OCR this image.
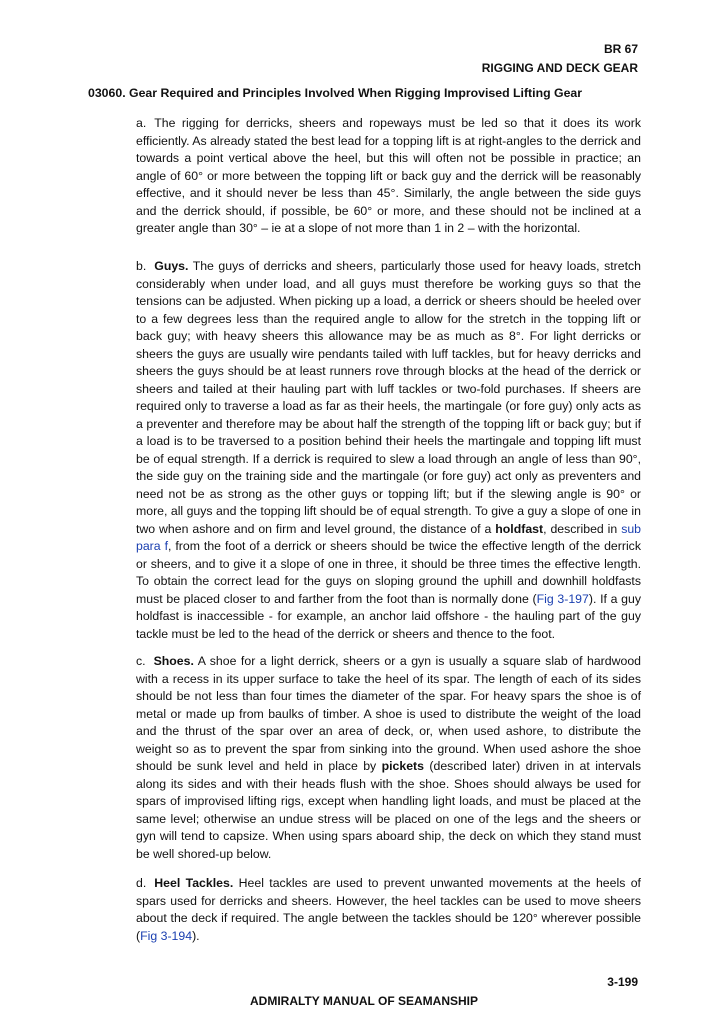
BR 67
RIGGING AND DECK GEAR
03060. Gear Required and Principles Involved When Rigging Improvised Lifting Gear

a. The rigging for derricks, sheers and ropeways must be led so that it does its work efficiently. As already stated the best lead for a topping lift is at right-angles to the derrick and towards a point vertical above the heel, but this will often not be possible in practice; an angle of 60° or more between the topping lift or back guy and the derrick will be reasonably effective, and it should never be less than 45°. Similarly, the angle between the side guys and the derrick should, if possible, be 60° or more, and these should not be inclined at a greater angle than 30° – ie at a slope of not more than 1 in 2 – with the horizontal.

b. Guys. The guys of derricks and sheers, particularly those used for heavy loads, stretch considerably when under load, and all guys must therefore be working guys so that the tensions can be adjusted. When picking up a load, a derrick or sheers should be heeled over to a few degrees less than the required angle to allow for the stretch in the topping lift or back guy; with heavy sheers this allowance may be as much as 8°. For light derricks or sheers the guys are usually wire pendants tailed with luff tackles, but for heavy derricks and sheers the guys should be at least runners rove through blocks at the head of the derrick or sheers and tailed at their hauling part with luff tackles or two-fold purchases. If sheers are required only to traverse a load as far as their heels, the martingale (or fore guy) only acts as a preventer and therefore may be about half the strength of the topping lift or back guy; but if a load is to be traversed to a position behind their heels the martingale and topping lift must be of equal strength. If a derrick is required to slew a load through an angle of less than 90°, the side guy on the training side and the martingale (or fore guy) act only as preventers and need not be as strong as the other guys or topping lift; but if the slewing angle is 90° or more, all guys and the topping lift should be of equal strength. To give a guy a slope of one in two when ashore and on firm and level ground, the distance of a holdfast, described in sub para f, from the foot of a derrick or sheers should be twice the effective length of the derrick or sheers, and to give it a slope of one in three, it should be three times the effective length. To obtain the correct lead for the guys on sloping ground the uphill and downhill holdfasts must be placed closer to and farther from the foot than is normally done (Fig 3-197). If a guy holdfast is inaccessible - for example, an anchor laid offshore - the hauling part of the guy tackle must be led to the head of the derrick or sheers and thence to the foot.

c. Shoes. A shoe for a light derrick, sheers or a gyn is usually a square slab of hardwood with a recess in its upper surface to take the heel of its spar. The length of each of its sides should be not less than four times the diameter of the spar. For heavy spars the shoe is of metal or made up from baulks of timber. A shoe is used to distribute the weight of the load and the thrust of the spar over an area of deck, or, when used ashore, to distribute the weight so as to prevent the spar from sinking into the ground. When used ashore the shoe should be sunk level and held in place by pickets (described later) driven in at intervals along its sides and with their heads flush with the shoe. Shoes should always be used for spars of improvised lifting rigs, except when handling light loads, and must be placed at the same level; otherwise an undue stress will be placed on one of the legs and the sheers or gyn will tend to capsize. When using spars aboard ship, the deck on which they stand must be well shored-up below.

d. Heel Tackles. Heel tackles are used to prevent unwanted movements at the heels of spars used for derricks and sheers. However, the heel tackles can be used to move sheers about the deck if required. The angle between the tackles should be 120° wherever possible (Fig 3-194).

3-199
ADMIRALTY MANUAL OF SEAMANSHIP
